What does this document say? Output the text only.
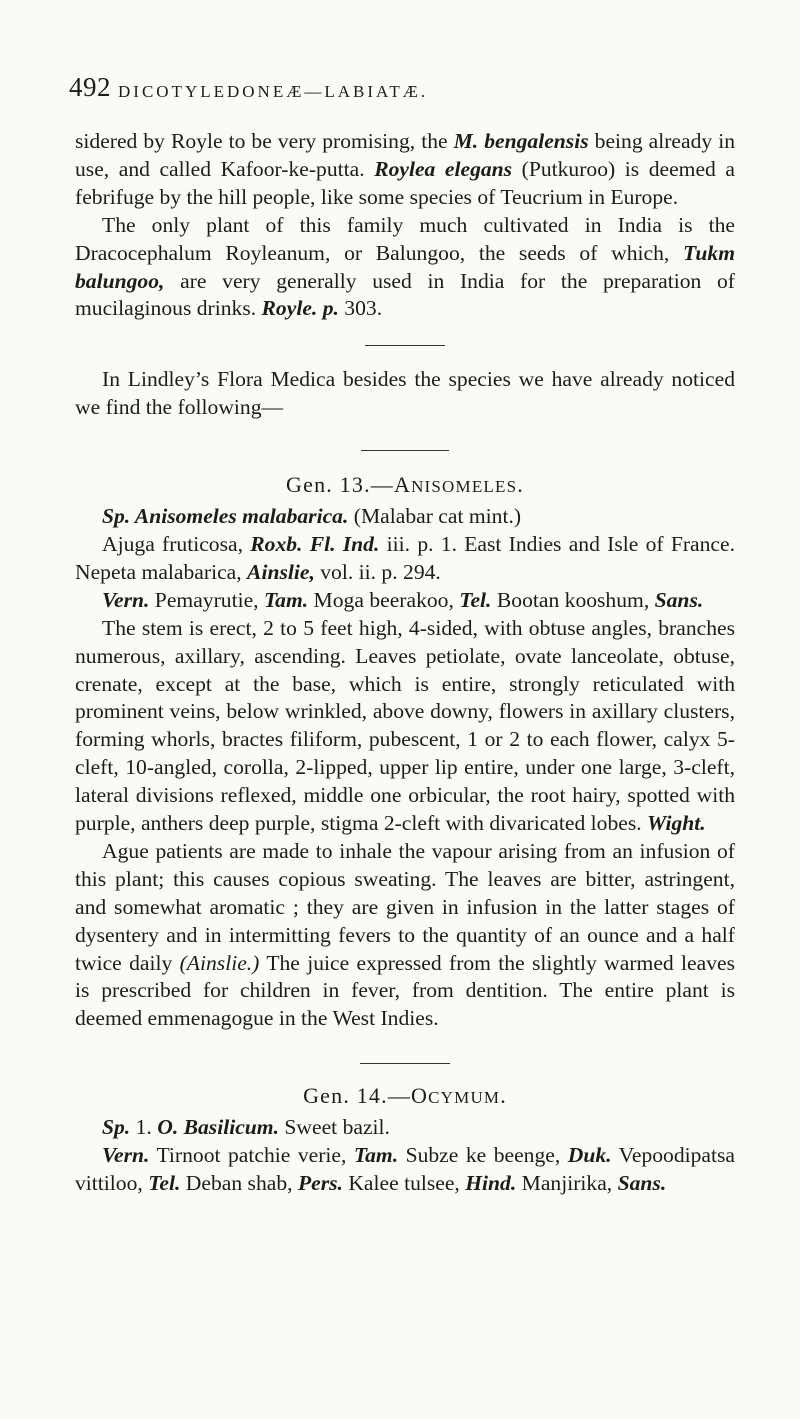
492 DICOTYLEDONEÆ—LABIATÆ.

sidered by Royle to be very promising, the M. bengalensis being already in use, and called Kafoor-ke-putta. Roylea elegans (Putkuroo) is deemed a febrifuge by the hill people, like some species of Teucrium in Europe.

The only plant of this family much cultivated in India is the Dracocephalum Royleanum, or Balungoo, the seeds of which, Tukm balungoo, are very generally used in India for the preparation of mucilaginous drinks. Royle. p. 303.

In Lindley’s Flora Medica besides the species we have already noticed we find the following—

Gen. 13.—ANISOMELES.

Sp. Anisomeles malabarica. (Malabar cat mint.)

Ajuga fruticosa, Roxb. Fl. Ind. iii. p. 1. East Indies and Isle of France. Nepeta malabarica, Ainslie, vol. ii. p. 294.

Vern. Pemayrutie, Tam. Moga beerakoo, Tel. Bootan kooshum, Sans.

The stem is erect, 2 to 5 feet high, 4-sided, with obtuse angles, branches numerous, axillary, ascending. Leaves petiolate, ovate lanceolate, obtuse, crenate, except at the base, which is entire, strongly reticulated with prominent veins, below wrinkled, above downy, flowers in axillary clusters, forming whorls, bractes filiform, pubescent, 1 or 2 to each flower, calyx 5-cleft, 10-angled, corolla, 2-lipped, upper lip entire, under one large, 3-cleft, lateral divisions reflexed, middle one orbicular, the root hairy, spotted with purple, anthers deep purple, stigma 2-cleft with divaricated lobes. Wight.

Ague patients are made to inhale the vapour arising from an infusion of this plant; this causes copious sweating. The leaves are bitter, astringent, and somewhat aromatic ; they are given in infusion in the latter stages of dysentery and in intermitting fevers to the quantity of an ounce and a half twice daily (Ainslie.) The juice expressed from the slightly warmed leaves is prescribed for children in fever, from dentition. The entire plant is deemed emmenagogue in the West Indies.

Gen. 14.—OCYMUM.

Sp. 1. O. Basilicum. Sweet bazil.

Vern. Tirnoot patchie verie, Tam. Subze ke beenge, Duk. Vepoodipatsa vittiloo, Tel. Deban shab, Pers. Kalee tulsee, Hind. Manjirika, Sans.
